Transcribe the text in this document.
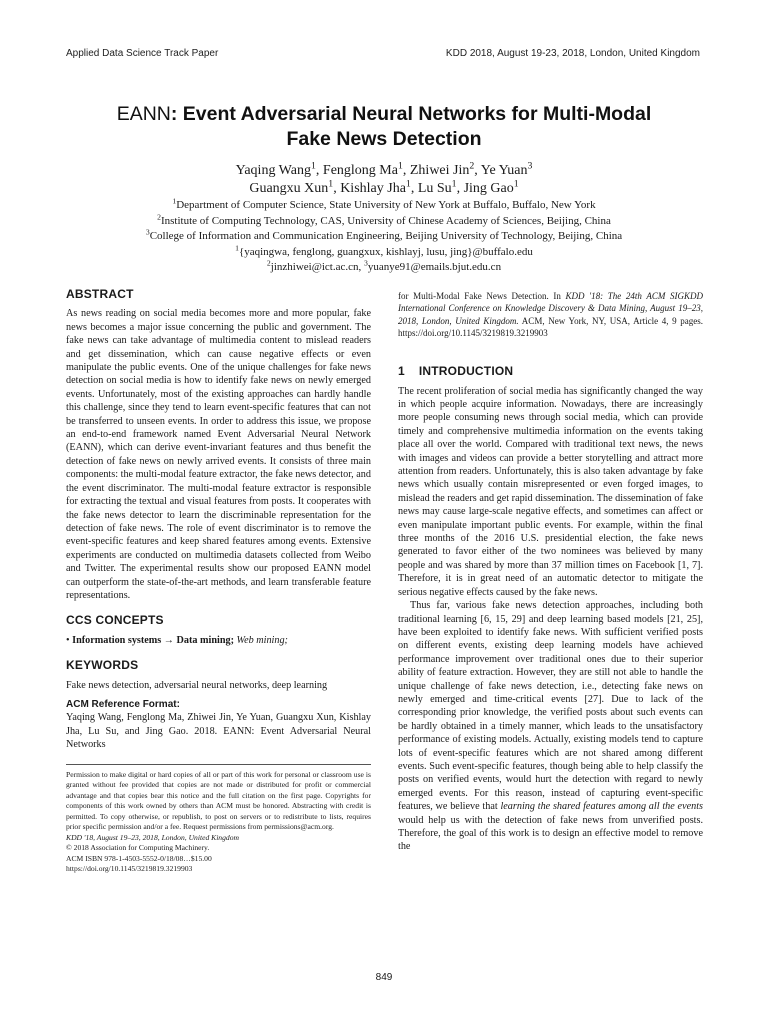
Applied Data Science Track Paper	KDD 2018, August 19-23, 2018, London, United Kingdom
EANN: Event Adversarial Neural Networks for Multi-Modal
Fake News Detection
Yaqing Wang$^1$, Fenglong Ma$^1$, Zhiwei Jin$^2$, Ye Yuan$^3$
Guangxu Xun$^1$, Kishlay Jha$^1$, Lu Su$^1$, Jing Gao$^1$
$^1$Department of Computer Science, State University of New York at Buffalo, Buffalo, New York
$^2$Institute of Computing Technology, CAS, University of Chinese Academy of Sciences, Beijing, China
$^3$College of Information and Communication Engineering, Beijing University of Technology, Beijing, China
$^1${yaqingwa, fenglong, guangxux, kishlayj, lusu, jing}@buffalo.edu
$^2$jinzhiwei@ict.ac.cn, $^3$yuanye91@emails.bjut.edu.cn
ABSTRACT

As news reading on social media becomes more and more popular, fake news becomes a major issue concerning the public and government. The fake news can take advantage of multimedia content to mislead readers and get dissemination, which can cause negative effects or even manipulate the public events. One of the unique challenges for fake news detection on social media is how to identify fake news on newly emerged events. Unfortunately, most of the existing approaches can hardly handle this challenge, since they tend to learn event-specific features that can not be transferred to unseen events. In order to address this issue, we propose an end-to-end framework named Event Adversarial Neural Network (EANN), which can derive event-invariant features and thus benefit the detection of fake news on newly arrived events. It consists of three main components: the multi-modal feature extractor, the fake news detector, and the event discriminator. The multi-modal feature extractor is responsible for extracting the textual and visual features from posts. It cooperates with the fake news detector to learn the discriminable representation for the detection of fake news. The role of event discriminator is to remove the event-specific features and keep shared features among events. Extensive experiments are conducted on multimedia datasets collected from Weibo and Twitter. The experimental results show our proposed EANN model can outperform the state-of-the-art methods, and learn transferable feature representations.

CCS CONCEPTS
• Information systems → Data mining; Web mining;
KEYWORDS

Fake news detection, adversarial neural networks, deep learning

ACM Reference Format:

Yaqing Wang, Fenglong Ma, Zhiwei Jin, Ye Yuan, Guangxu Xun, Kishlay Jha, Lu Su, and Jing Gao. 2018. EANN: Event Adversarial Neural Networks

Permission to make digital or hard copies of all or part of this work for personal or classroom use is granted without fee provided that copies are not made or distributed for profit or commercial advantage and that copies bear this notice and the full citation on the first page. Copyrights for components of this work owned by others than ACM must be honored. Abstracting with credit is permitted. To copy otherwise, or republish, to post on servers or to redistribute to lists, requires prior specific permission and/or a fee. Request permissions from permissions@acm.org.
KDD '18, August 19–23, 2018, London, United Kingdom
© 2018 Association for Computing Machinery.
ACM ISBN 978-1-4503-5552-0/18/08…$15.00
https://doi.org/10.1145/3219819.3219903

for Multi-Modal Fake News Detection. In KDD '18: The 24th ACM SIGKDD International Conference on Knowledge Discovery & Data Mining, August 19–23, 2018, London, United Kingdom. ACM, New York, NY, USA, Article 4, 9 pages. https://doi.org/10.1145/3219819.3219903

1 INTRODUCTION

The recent proliferation of social media has significantly changed the way in which people acquire information. Nowadays, there are increasingly more people consuming news through social media, which can provide timely and comprehensive multimedia information on the events taking place all over the world. Compared with traditional text news, the news with images and videos can provide a better storytelling and attract more attention from readers. Unfortunately, this is also taken advantage by fake news which usually contain misrepresented or even forged images, to mislead the readers and get rapid dissemination. The dissemination of fake news may cause large-scale negative effects, and sometimes can affect or even manipulate important public events. For example, within the final three months of the 2016 U.S. presidential election, the fake news generated to favor either of the two nominees was believed by many people and was shared by more than 37 million times on Facebook [1, 7]. Therefore, it is in great need of an automatic detector to mitigate the serious negative effects caused by the fake news.

Thus far, various fake news detection approaches, including both traditional learning [6, 15, 29] and deep learning based models [21, 25], have been exploited to identify fake news. With sufficient verified posts on different events, existing deep learning models have achieved performance improvement over traditional ones due to their superior ability of feature extraction. However, they are still not able to handle the unique challenge of fake news detection, i.e., detecting fake news on newly emerged and time-critical events [27]. Due to lack of the corresponding prior knowledge, the verified posts about such events can be hardly obtained in a timely manner, which leads to the unsatisfactory performance of existing models. Actually, existing models tend to capture lots of event-specific features which are not shared among different events. Such event-specific features, though being able to help classify the posts on verified events, would hurt the detection with regard to newly emerged events. For this reason, instead of capturing event-specific features, we believe that learning the shared features among all the events would help us with the detection of fake news from unverified posts. Therefore, the goal of this work is to design an effective model to remove the

849
